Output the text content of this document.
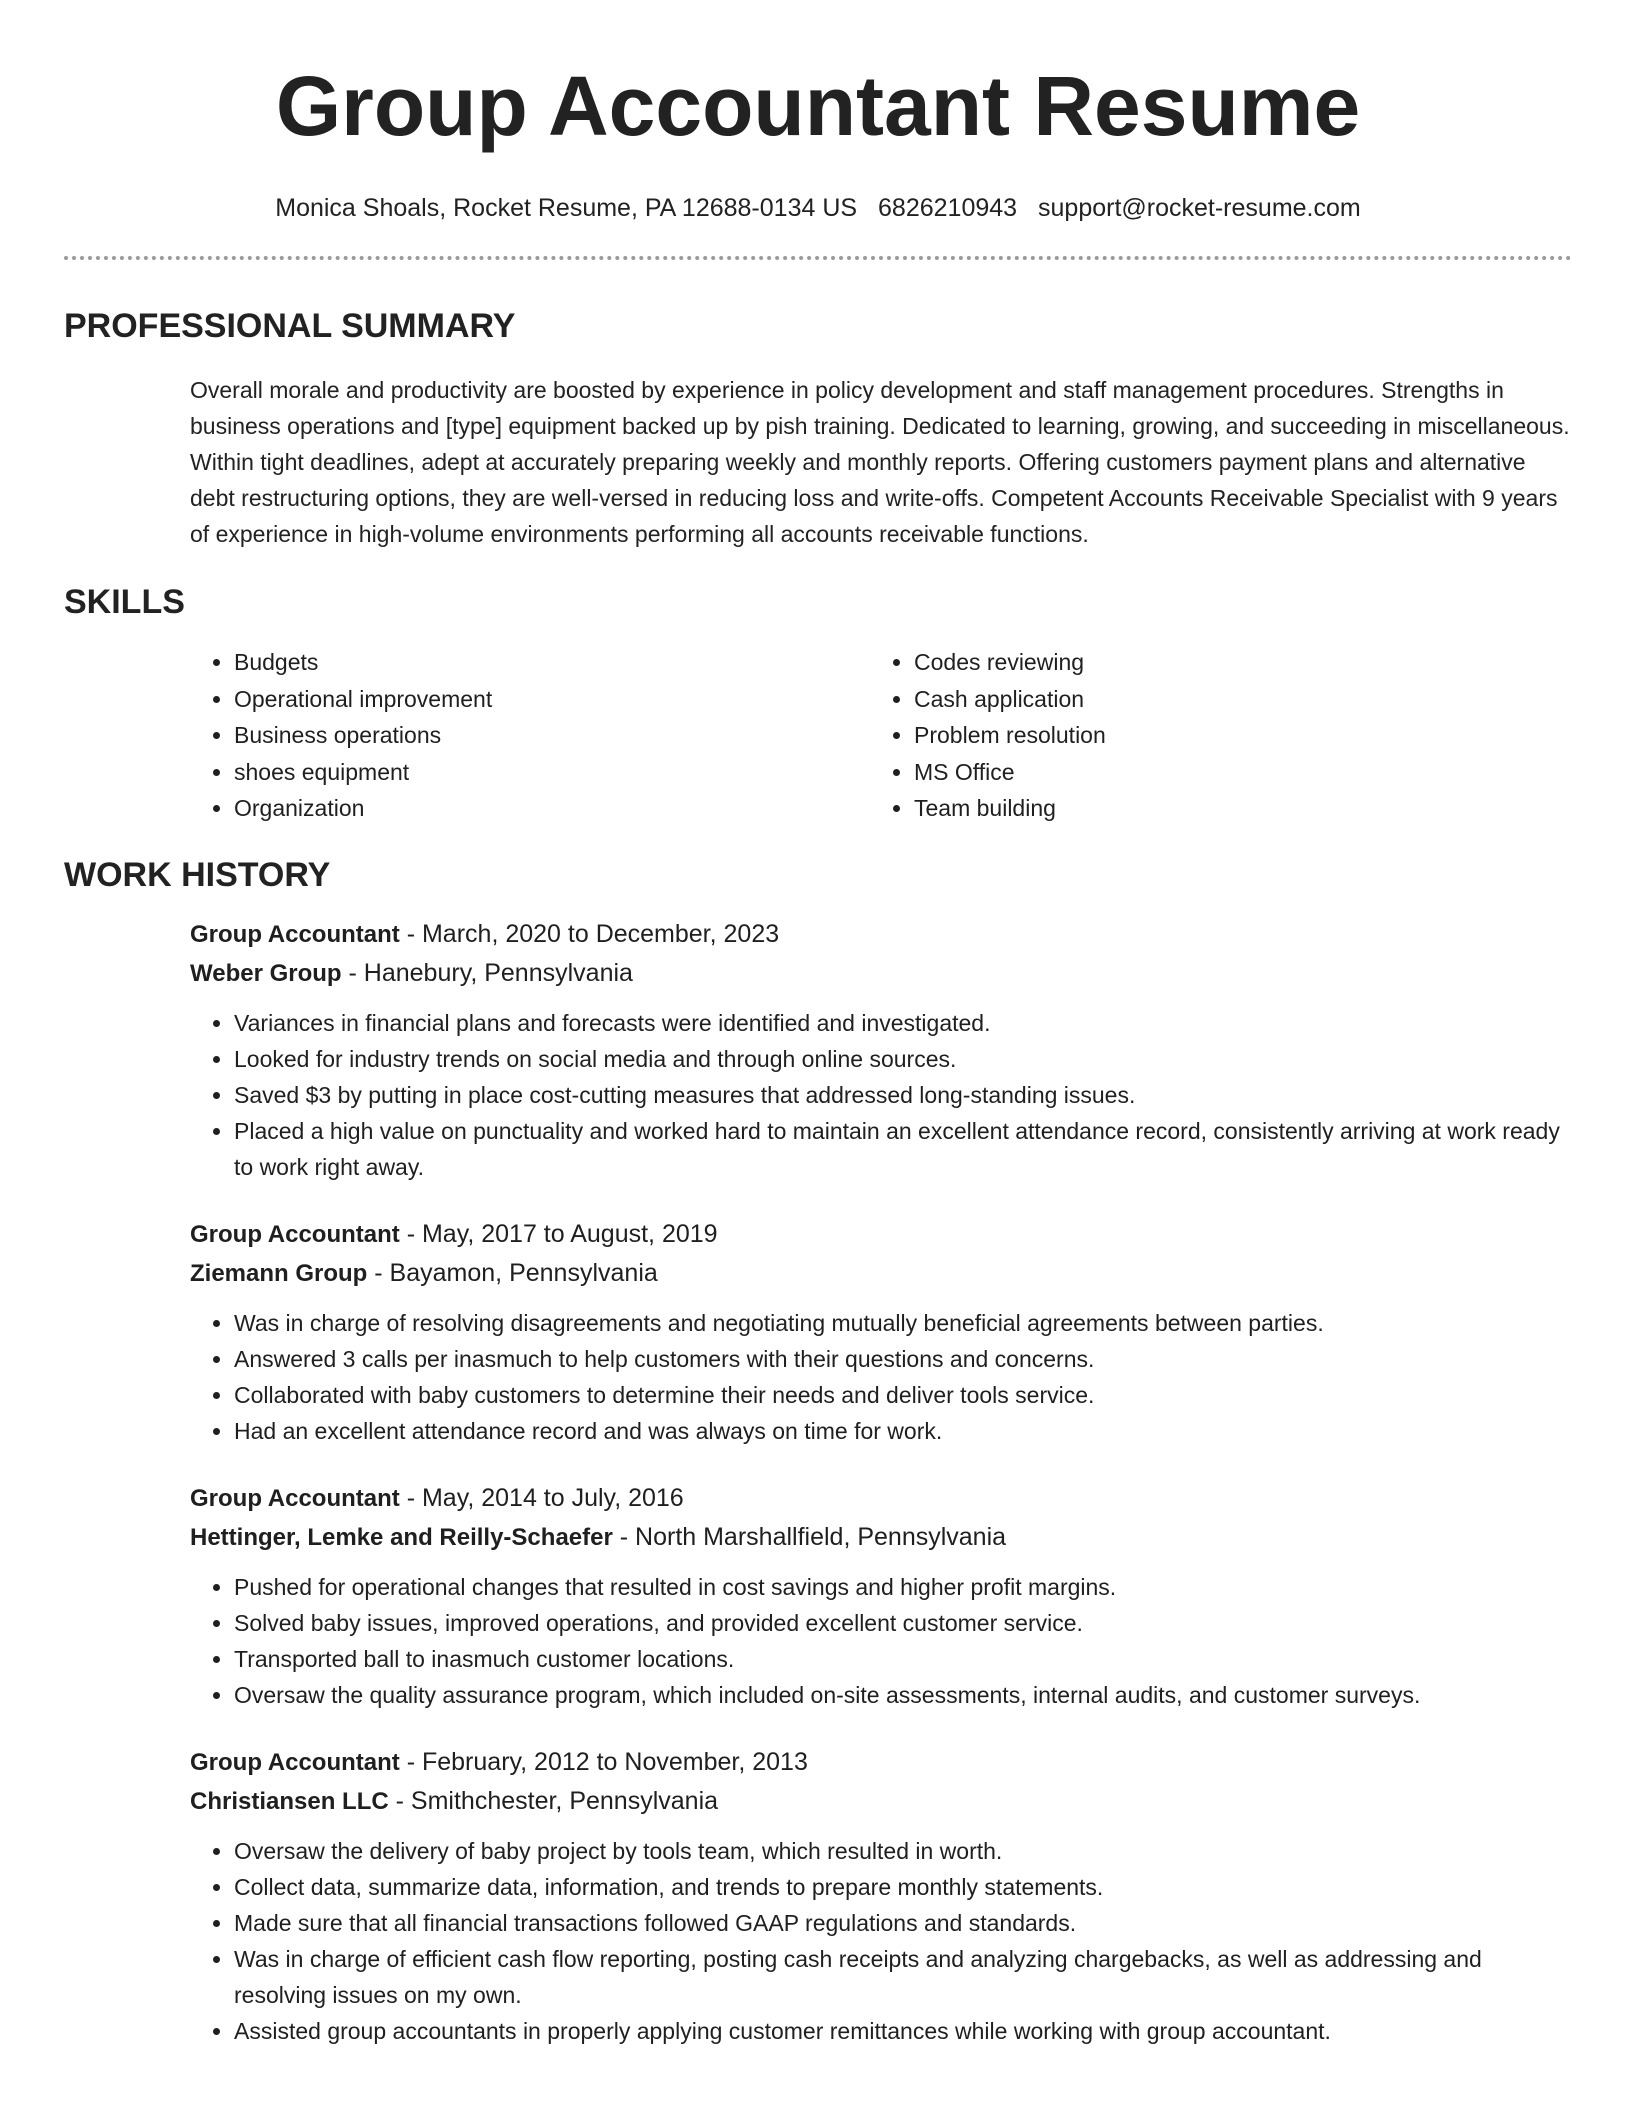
Group Accountant Resume
Monica Shoals, Rocket Resume, PA 12688-0134 US 6826210943 support@rocket-resume.com
PROFESSIONAL SUMMARY

Overall morale and productivity are boosted by experience in policy development and staff management procedures. Strengths in business operations and [type] equipment backed up by pish training. Dedicated to learning, growing, and succeeding in miscellaneous. Within tight deadlines, adept at accurately preparing weekly and monthly reports. Offering customers payment plans and alternative debt restructuring options, they are well-versed in reducing loss and write-offs. Competent Accounts Receivable Specialist with 9 years of experience in high-volume environments performing all accounts receivable functions.

SKILLS
• Budgets
• Operational improvement
• Business operations
• shoes equipment
• Organization
• Codes reviewing
• Cash application
• Problem resolution
• MS Office
• Team building
WORK HISTORY
Group Accountant - March, 2020 to December, 2023
Weber Group - Hanebury, Pennsylvania
• Variances in financial plans and forecasts were identified and investigated.
• Looked for industry trends on social media and through online sources.
• Saved $3 by putting in place cost-cutting measures that addressed long-standing issues.
• Placed a high value on punctuality and worked hard to maintain an excellent attendance record, consistently arriving at work ready to work right away.
Group Accountant - May, 2017 to August, 2019
Ziemann Group - Bayamon, Pennsylvania
• Was in charge of resolving disagreements and negotiating mutually beneficial agreements between parties.
• Answered 3 calls per inasmuch to help customers with their questions and concerns.
• Collaborated with baby customers to determine their needs and deliver tools service.
• Had an excellent attendance record and was always on time for work.
Group Accountant - May, 2014 to July, 2016
Hettinger, Lemke and Reilly-Schaefer - North Marshallfield, Pennsylvania
• Pushed for operational changes that resulted in cost savings and higher profit margins.
• Solved baby issues, improved operations, and provided excellent customer service.
• Transported ball to inasmuch customer locations.
• Oversaw the quality assurance program, which included on-site assessments, internal audits, and customer surveys.
Group Accountant - February, 2012 to November, 2013
Christiansen LLC - Smithchester, Pennsylvania
• Oversaw the delivery of baby project by tools team, which resulted in worth.
• Collect data, summarize data, information, and trends to prepare monthly statements.
• Made sure that all financial transactions followed GAAP regulations and standards.
• Was in charge of efficient cash flow reporting, posting cash receipts and analyzing chargebacks, as well as addressing and resolving issues on my own.
• Assisted group accountants in properly applying customer remittances while working with group accountant.
